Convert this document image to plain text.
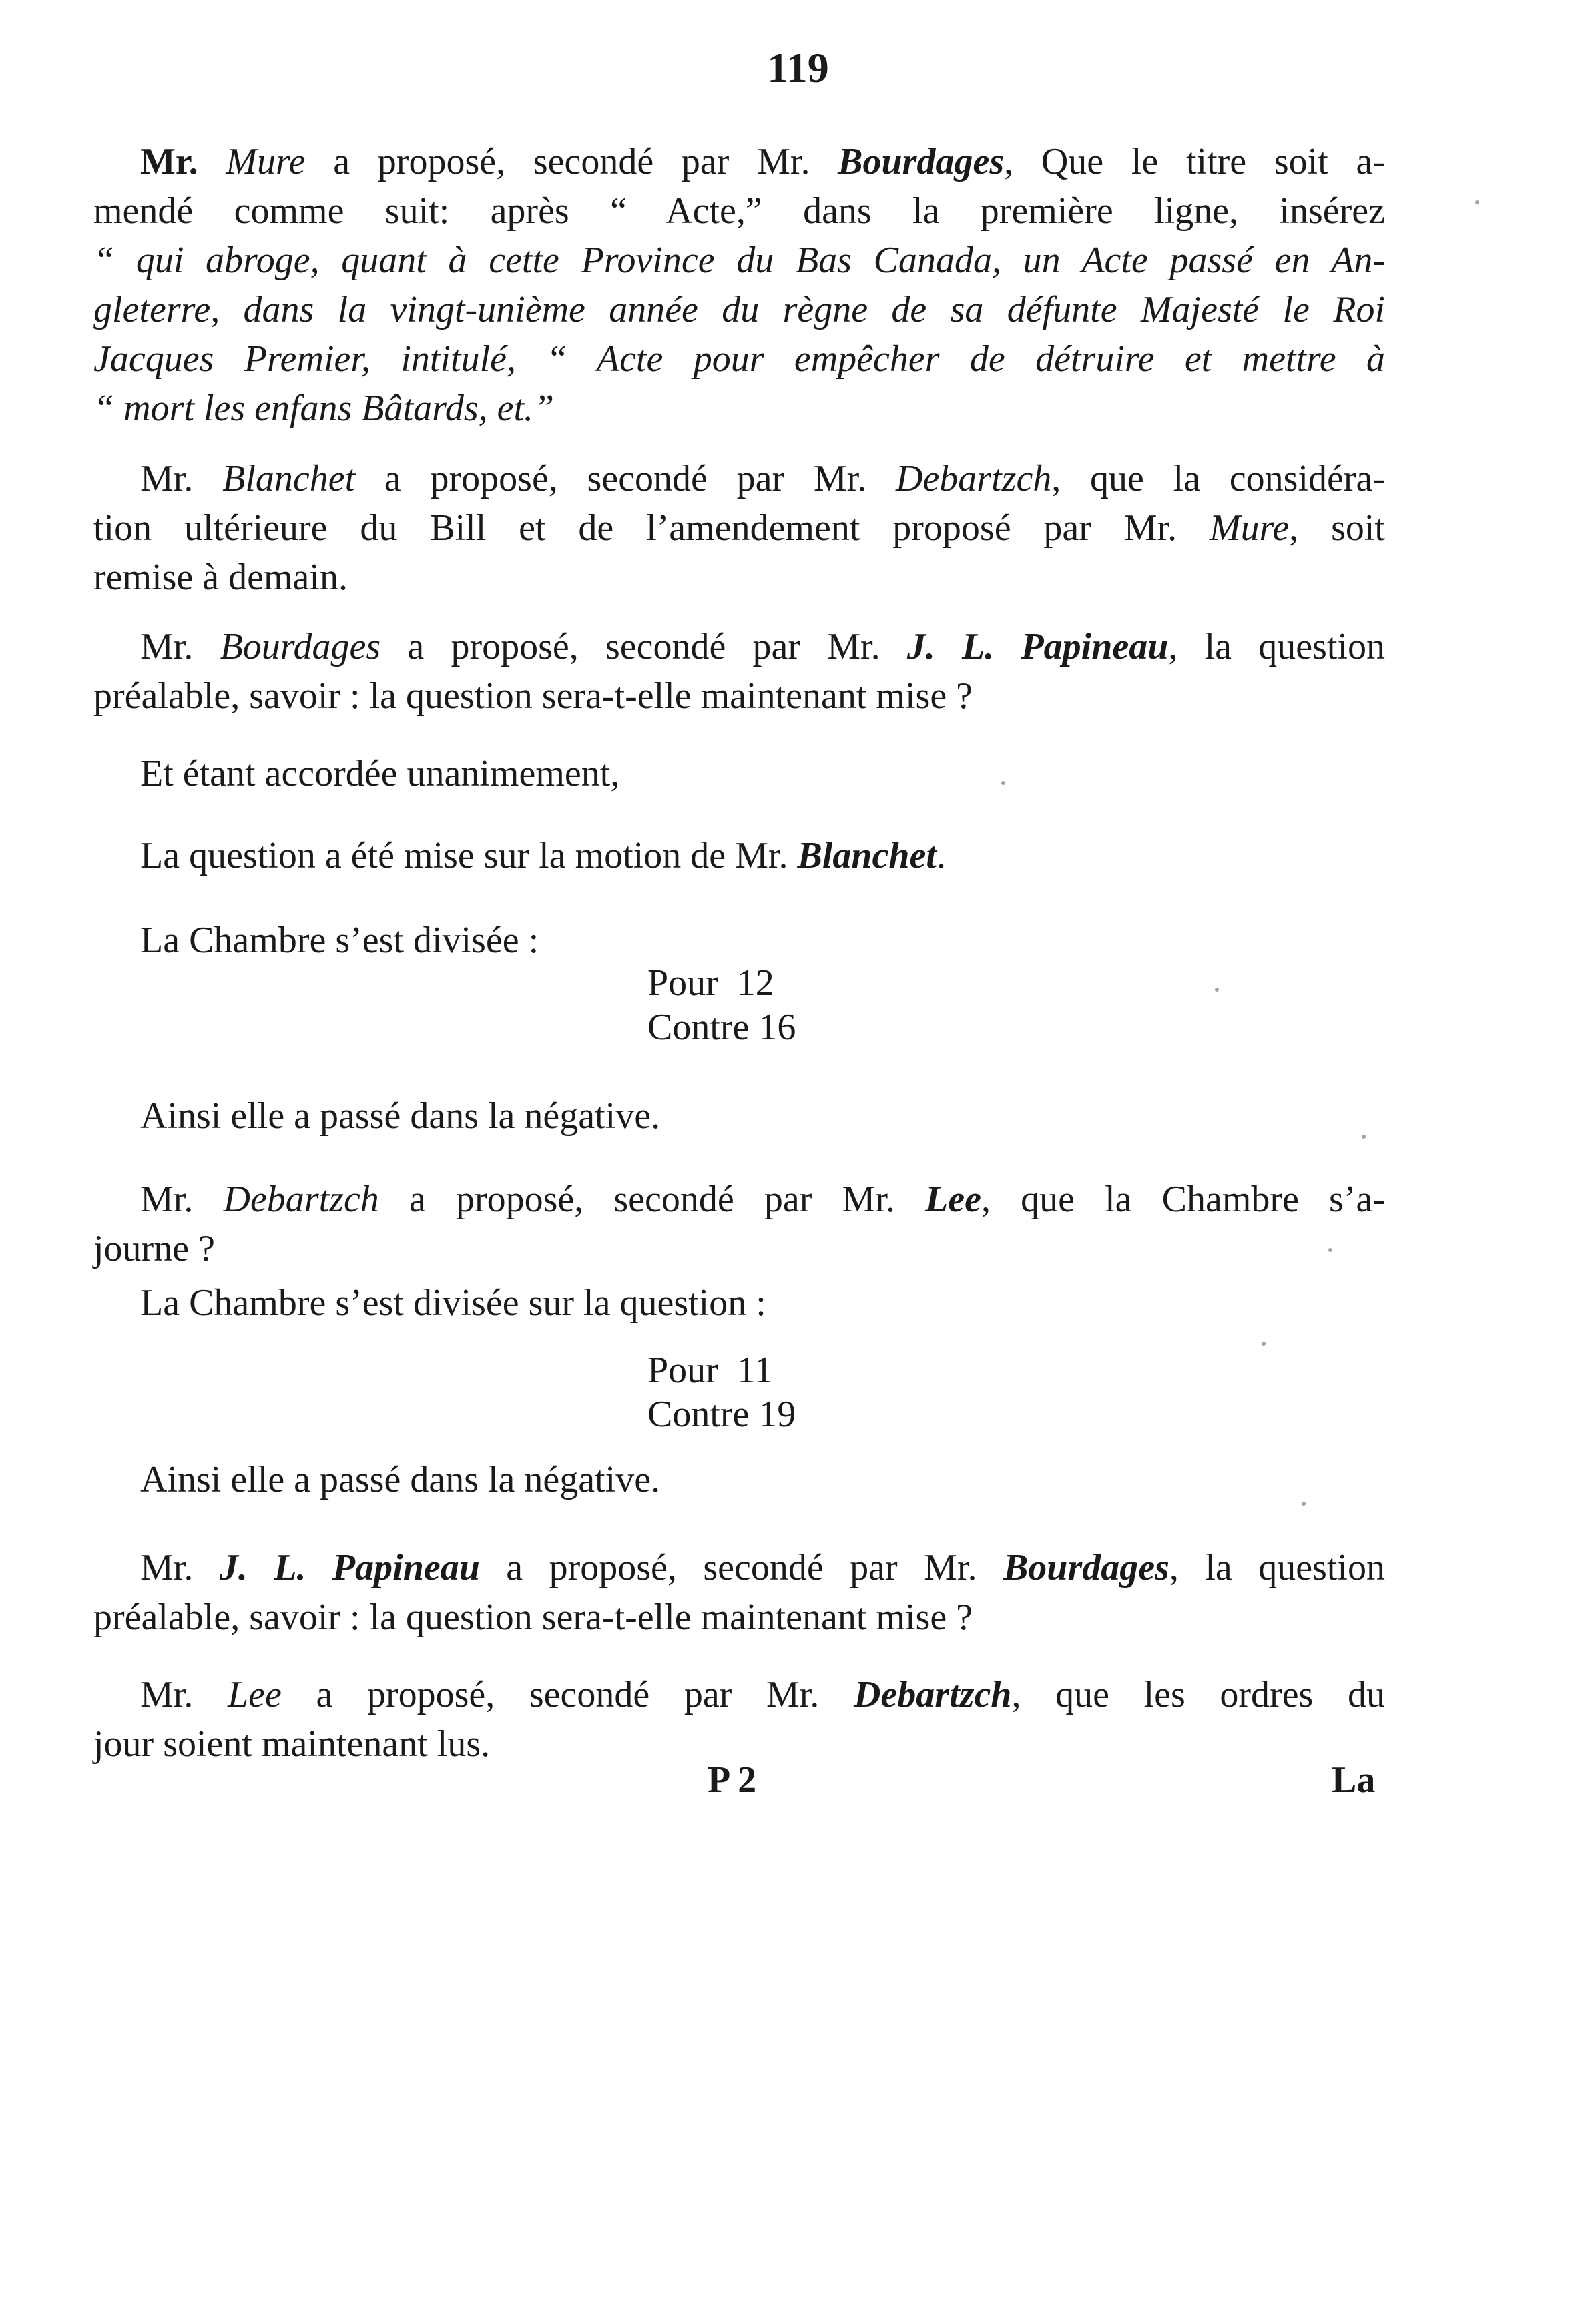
119

Mr. Mure a proposé, secondé par Mr. Bourdages, Que le titre soit a-

mendé comme suit: après “ Acte,” dans la première ligne, insérez

“ qui abroge, quant à cette Province du Bas Canada, un Acte passé en An-

gleterre, dans la vingt-unième année du règne de sa défunte Majesté le Roi

Jacques Premier, intitulé, “ Acte pour empêcher de détruire et mettre à

“ mort les enfans Bâtards, et.”

Mr. Blanchet a proposé, secondé par Mr. Debartzch, que la considéra-

tion ultérieure du Bill et de l’amendement proposé par Mr. Mure, soit

remise à demain.

Mr. Bourdages a proposé, secondé par Mr. J. L. Papineau, la question

préalable, savoir : la question sera-t-elle maintenant mise ?

Et étant accordée unanimement,
La question a été mise sur la motion de Mr. Blanchet.
La Chambre s’est divisée :
Pour  12
Contre 16
Ainsi elle a passé dans la négative.

Mr. Debartzch a proposé, secondé par Mr. Lee, que la Chambre s’a-

journe ?

La Chambre s’est divisée sur la question :
Pour  11
Contre 19
Ainsi elle a passé dans la négative.

Mr. J. L. Papineau a proposé, secondé par Mr. Bourdages, la question

préalable, savoir : la question sera-t-elle maintenant mise ?

Mr. Lee a proposé, secondé par Mr. Debartzch, que les ordres du

jour soient maintenant lus.

P 2	La
